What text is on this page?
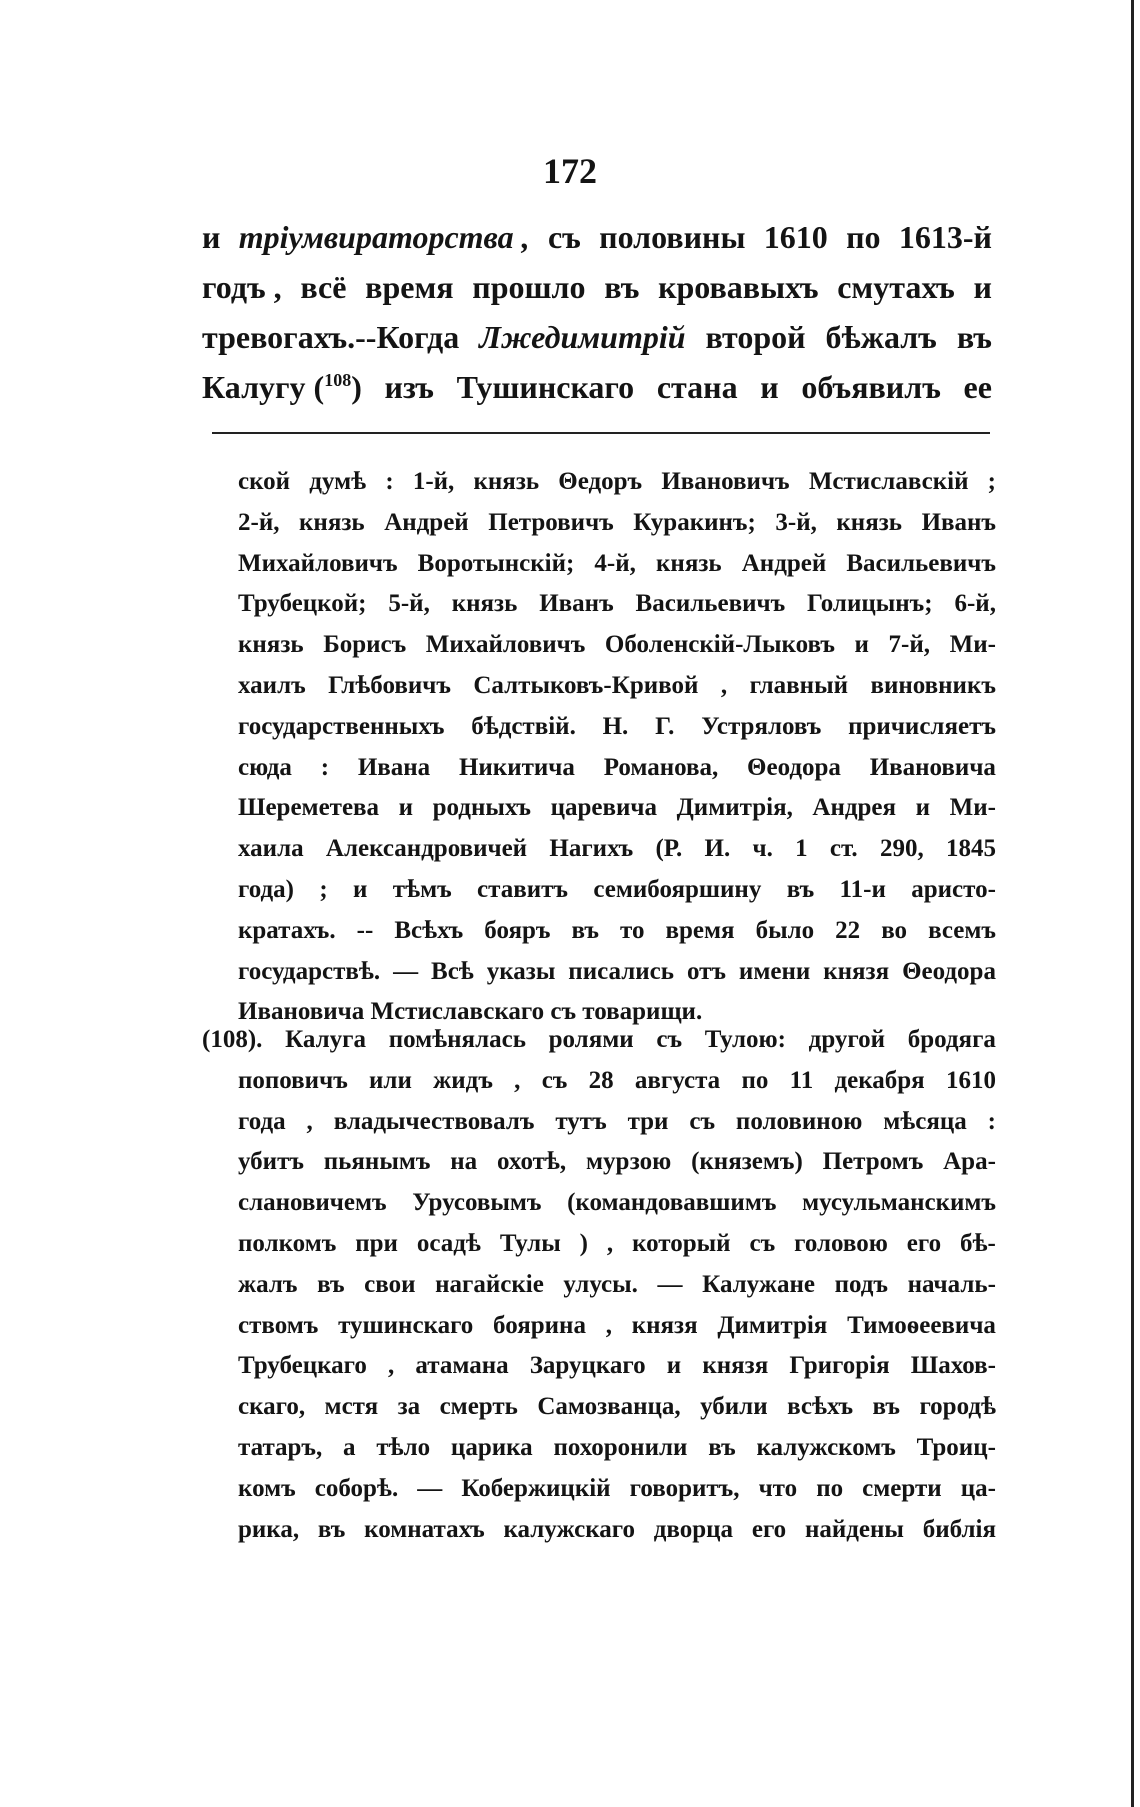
172
и тріумвираторства , съ половины 1610 по 1613-й
годъ , всё время прошло въ кровавыхъ смутахъ и
тревогахъ.--Когда Лжедимитрій второй бѣжалъ въ
Калугу (108) изъ Тушинскаго стана и объявилъ ее
ской думѣ : 1-й, князь Θедоръ Ивановичъ Мстиславскій ;
2-й, князь Андрей Петровичъ Куракинъ; 3-й, князь Иванъ
Михайловичъ Воротынскій; 4-й, князь Андрей Васильевичъ
Трубецкой; 5-й, князь Иванъ Васильевичъ Голицынъ; 6-й,
князь Борисъ Михайловичъ Оболенскій-Лыковъ и 7-й, Ми-
хаилъ Глѣбовичъ Салтыковъ-Кривой , главный виновникъ
государственныхъ бѣдствій. Н. Г. Устряловъ причисляетъ
сюда : Ивана Никитича Романова, Θеодора Ивановича
Шереметева и родныхъ царевича Димитрія, Андрея и Ми-
хаила Александровичей Нагихъ (Р. И. ч. 1 ст. 290, 1845
года) ; и тѣмъ ставитъ семибояршину въ 11-и аристо-
кратахъ. -- Всѣхъ бояръ въ то время было 22 во всемъ
государствѣ. — Всѣ указы писались отъ имени князя Θеодора
Ивановича Мстиславскаго съ товарищи.
(108). Калуга помѣнялась ролями съ Тулою: другой бродяга
поповичъ или жидъ , съ 28 августа по 11 декабря 1610
года , владычествовалъ тутъ три съ половиною мѣсяца :
убитъ пьянымъ на охотѣ, мурзою (княземъ) Петромъ Ара-
слановичемъ Урусовымъ (командовавшимъ мусульманскимъ
полкомъ при осадѣ Тулы ) , который съ головою его бѣ-
жалъ въ свои нагайскіе улусы. — Калужане подъ началь-
ствомъ тушинскаго боярина , князя Димитрія Тимоѳеевича
Трубецкаго , атамана Заруцкаго и князя Григорія Шахов-
скаго, мстя за смерть Самозванца, убили всѣхъ въ городѣ
татаръ, а тѣло царика похоронили въ калужскомъ Троиц-
комъ соборѣ. — Кобержицкій говоритъ, что по смерти ца-
рика, въ комнатахъ калужскаго дворца его найдены библія
